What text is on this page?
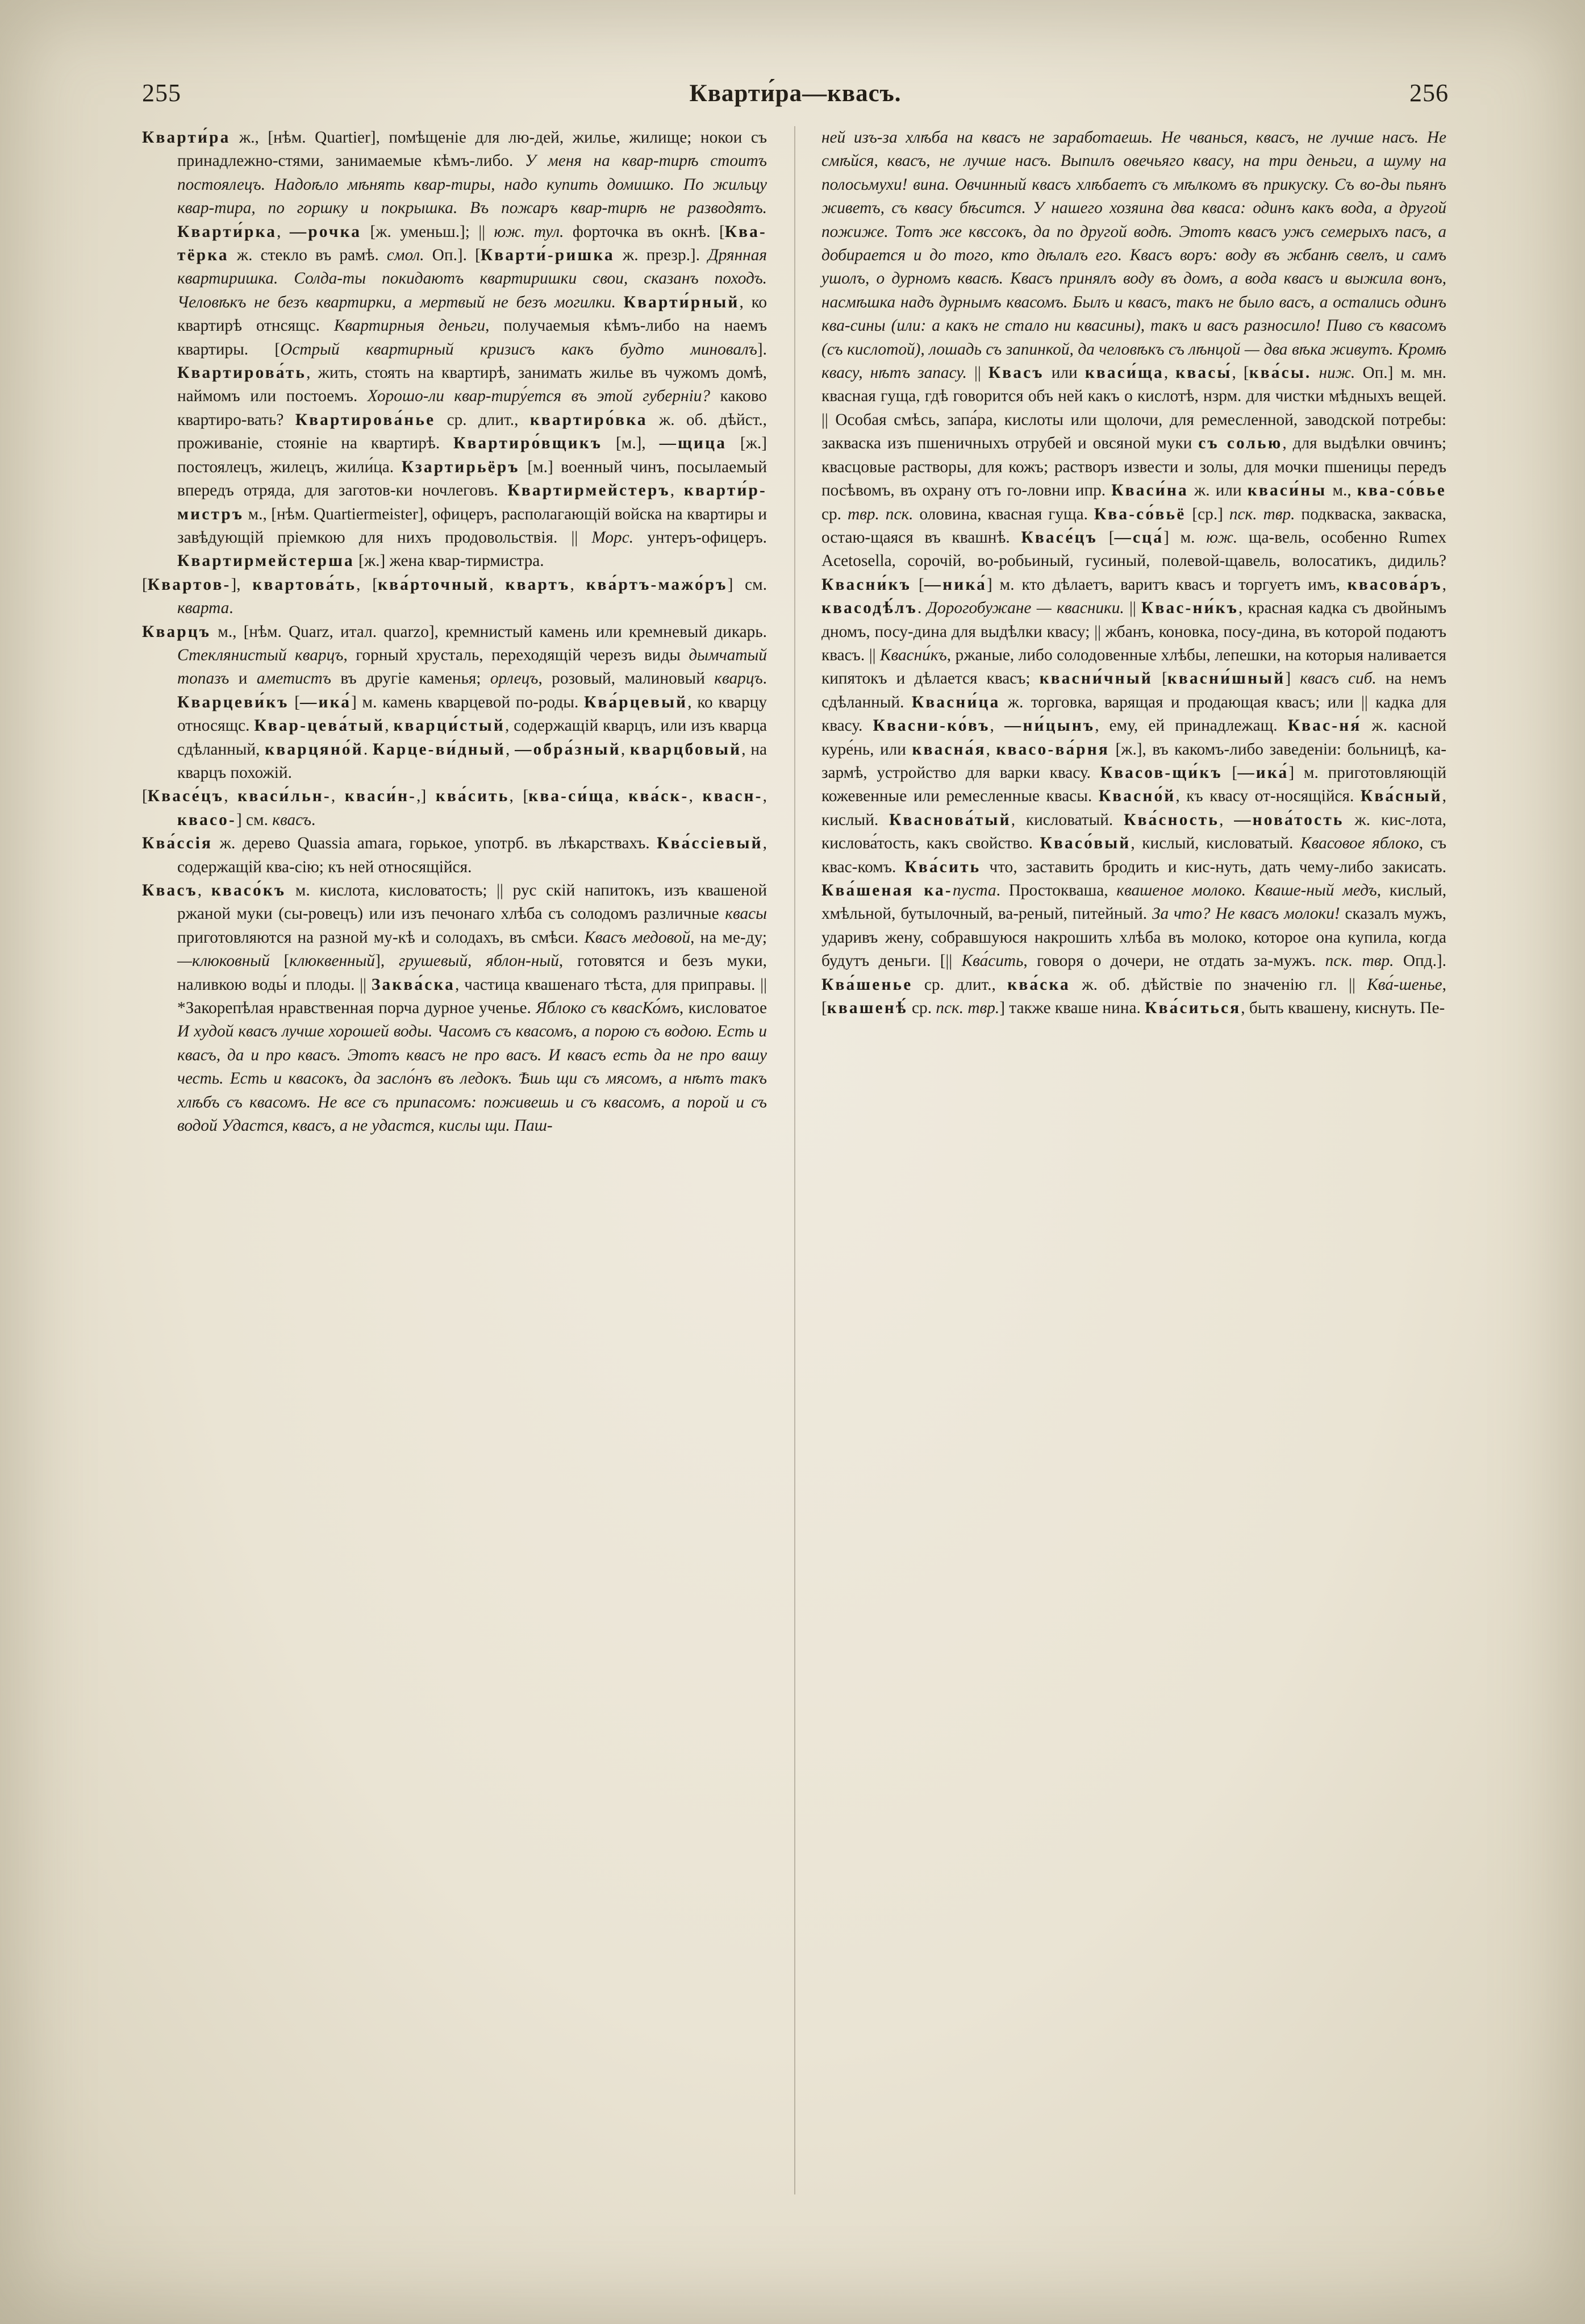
255	Кварти́ра—квасъ.	256

Кварти́ра ж., [нѣм. Quartier], помѣщеніе для лю-дей, жилье, жилище; нокои съ принадлежно-стями, занимаемые кѣмъ-либо. У меня на квар-тирѣ стоитъ постоялецъ. Надоѣло мѣнять квар-тиры, надо купить домишко. По жильцу квар-тира, по горшку и покрышка. Въ пожаръ квар-тирѣ не разводятъ. Кварти́рка, —рочка [ж. уменьш.]; || юж. тул. форточка въ окнѣ. [Ква-тёрка ж. стекло въ рамѣ. смол. Оп.]. [Кварти́-ришка ж. презр.]. Дрянная квартиришка. Солда-ты покидаютъ квартиришки свои, сказанъ походъ. Человѣкъ не безъ квартирки, а мертвый не безъ могилки. Кварти́рный, ко квартирѣ отнсящс. Квартирныя деньги, получаемыя кѣмъ-либо на наемъ квартиры. [Острый квартирный кризисъ какъ будто миновалъ]. Квартирова́ть, жить, стоять на квартирѣ, занимать жилье въ чужомъ домѣ, наймомъ или постоемъ. Хорошо-ли квар-тиру́ется въ этой губерніи? каково квартиро-вать? Квартирова́нье ср. длит., квартиро́вка ж. об. дѣйст., проживаніе, стояніе на квартирѣ. Квартиро́вщикъ [м.], —щица [ж.] постоялецъ, жилецъ, жили́ца. Кзартирьёръ [м.] военный чинъ, посылаемый впередъ отряда, для заготов-ки ночлеговъ. Квартирмейстеръ, кварти́р-мистръ м., [нѣм. Quartiermeister], офицеръ, располагающій войска на квартиры и завѣдующій пріемкою для нихъ продовольствія. || Морс. унтеръ-офицеръ. Квартирмейстерша [ж.] жена квар-тирмистра.

[Квартов-], квартова́ть, [ква́рточный, квартъ, ква́ртъ-мажо́ръ] см. кварта.

Кварцъ м., [нѣм. Quarz, итал. quarzo], кремнистый камень или кремневый дикарь. Стеклянистый кварцъ, горный хрусталь, переходящій черезъ виды дымчатый топазъ и аметистъ въ другіе каменья; орлецъ, розовый, малиновый кварцъ. Кварцеви́къ [—ика́] м. камень кварцевой по-роды. Ква́рцевый, ко кварцу относящс. Квар-цева́тый, кварци́стый, содержащій кварцъ, или изъ кварца сдѣланный, кварцяно́й. Карце-ви́дный, —обра́зный, кварцбовый, на кварцъ похожій.

[Квасе́цъ, кваси́льн-, кваси́н-,] ква́сить, [ква-си́ща, ква́ск-, квасн-, квасо-] см. квасъ.

Ква́ссія ж. дерево Quassia amara, горькое, употрб. въ лѣкарствахъ. Ква́ссіевый, содержащій ква-сію; къ ней относящійся.

Квасъ, квасо́къ м. кислота, кисловатость; || рус скій напитокъ, изъ квашеной ржаной муки (сы-ровецъ) или изъ печонаго хлѣба съ солодомъ различные квасы приготовляются на разной му-кѣ и солодахъ, въ смѣси. Квасъ медовой, на ме-ду; —клюковный [клюквенный], грушевый, яблон-ный, готовятся и безъ муки, наливкою воды́ и плоды. || Заква́ска, частица квашенаго тѣста, для приправы. || *Закорепѣлая нравственная порча дурное ученье. Яблоко съ квасКо́мъ, кисловатое И худой квасъ лучше хорошей воды. Часомъ съ квасомъ, а порою съ водою. Есть и квасъ, да и про квасъ. Этотъ квасъ не про васъ. И квасъ есть да не про вашу честь. Есть и квасокъ, да засло́нъ въ ледокъ. Ѣшь щи съ мясомъ, а нѣтъ такъ хлѣбъ съ квасомъ. Не все съ припасомъ: поживешь и съ квасомъ, а порой и съ водой Удастся, квасъ, а не удастся, кислы щи. Паш-

ней изъ-за хлѣба на квасъ не заработаешь. Не чванься, квасъ, не лучше насъ. Не смѣйся, квасъ, не лучше насъ. Выпилъ овечьяго квасу, на три деньги, а шуму на полосьмухи! вина. Овчинный квасъ хлѣбаетъ съ мѣлкомъ въ прикуску. Съ во-ды пьянъ живетъ, съ квасу бѣсится. У нашего хозяина два кваса: одинъ какъ вода, а другой пожиже. Тотъ же квссокъ, да по другой водѣ. Этотъ квасъ ужъ семерыхъ пасъ, а добирается и до того, кто дѣлалъ его. Квасъ воръ: воду въ жбанѣ свелъ, и самъ ушолъ, о дурномъ квасѣ. Квасъ принялъ воду въ домъ, а вода квасъ и выжила вонъ, насмѣшка надъ дурнымъ квасомъ. Былъ и квасъ, такъ не было васъ, а остались одинъ ква-сины (или: а какъ не стало ни квасины), такъ и васъ разносило! Пиво съ квасомъ (съ кислотой), лошадь съ запинкой, да человѣкъ съ лѣнцой — два вѣка живутъ. Кромѣ квасу, нѣтъ запасу. || Квасъ или кваси́ща, квасы́, [ква́сы. ниж. Оп.] м. мн. квасная гуща, гдѣ говорится объ ней какъ о кислотѣ, нзрм. для чистки мѣдныхъ вещей. || Особая смѣсь, запа́ра, кислоты или щолочи, для ремесленной, заводской потребы: закваска изъ пшеничныхъ отрубей и овсяной муки съ солью, для выдѣлки овчинъ; квасцовые растворы, для кожъ; растворъ извести и золы, для мочки пшеницы передъ посѣвомъ, въ охрану отъ го-ловни ипр. Кваси́на ж. или кваси́ны м., ква-со́вье ср. твр. пск. оловина, квасная гуща. Ква-со́вьё [ср.] пск. твр. подкваска, закваска, остаю-щаяся въ квашнѣ. Квасе́цъ [—сца́] м. юж. ща-вель, особенно Rumex Acetosella, сорочій, во-робьиный, гусиный, полевой-щавель, волосатикъ, дидиль? Квасни́къ [—ника́] м. кто дѣлаетъ, варитъ квасъ и торгуетъ имъ, квасова́ръ, квасодѣ́лъ. Дорогобужане — квасники. || Квас-ни́къ, красная кадка съ двойнымъ дномъ, посу-дина для выдѣлки квасу; || жбанъ, коновка, посу-дина, въ которой подаютъ квасъ. || Квасни́къ, ржаные, либо солодовенные хлѣбы, лепешки, на которыя наливается кипятокъ и дѣлается квасъ; квасни́чный [квасни́шный] квасъ сиб. на немъ сдѣланный. Квасни́ца ж. торговка, варящая и продающая квасъ; или || кадка для квасу. Квасни-ко́въ, —ни́цынъ, ему, ей принадлежащ. Квас-ня́ ж. касной куре́нь, или квасна́я, квасо-ва́рня [ж.], въ какомъ-либо заведеніи: больницѣ, ка-зармѣ, устройство для варки квасу. Квасов-щи́къ [—ика́] м. приготовляющій кожевенные или ремесленные квасы. Квасно́й, къ квасу от-носящійся. Ква́сный, кислый. Кваснова́тый, кисловатый. Ква́сность, —нова́тость ж. кис-лота, кислова́тость, какъ свойство. Квасо́вый, кислый, кисловатый. Квасовое яблоко, съ квас-комъ. Ква́сить что, заставить бродить и кис-нуть, дать чему-либо закисать. Ква́шеная ка-пуста. Простокваша, квашеное молоко. Кваше-ный медъ, кислый, хмѣльной, бутылочный, ва-реный, питейный. За что? Не квасъ молоки! сказалъ мужъ, ударивъ жену, собравшуюся накрошить хлѣба въ молоко, которое она купила, когда будутъ деньги. [|| Ква́сить, говоря о дочери, не отдать за-мужъ. пск. твр. Опд.]. Ква́шенье ср. длит., ква́ска ж. об. дѣйствіе по значенію гл. || Ква́-шенье, [квашенѣ́ ср. пск. твр.] также кваше нина. Ква́ситься, быть квашену, киснуть. Пе-
